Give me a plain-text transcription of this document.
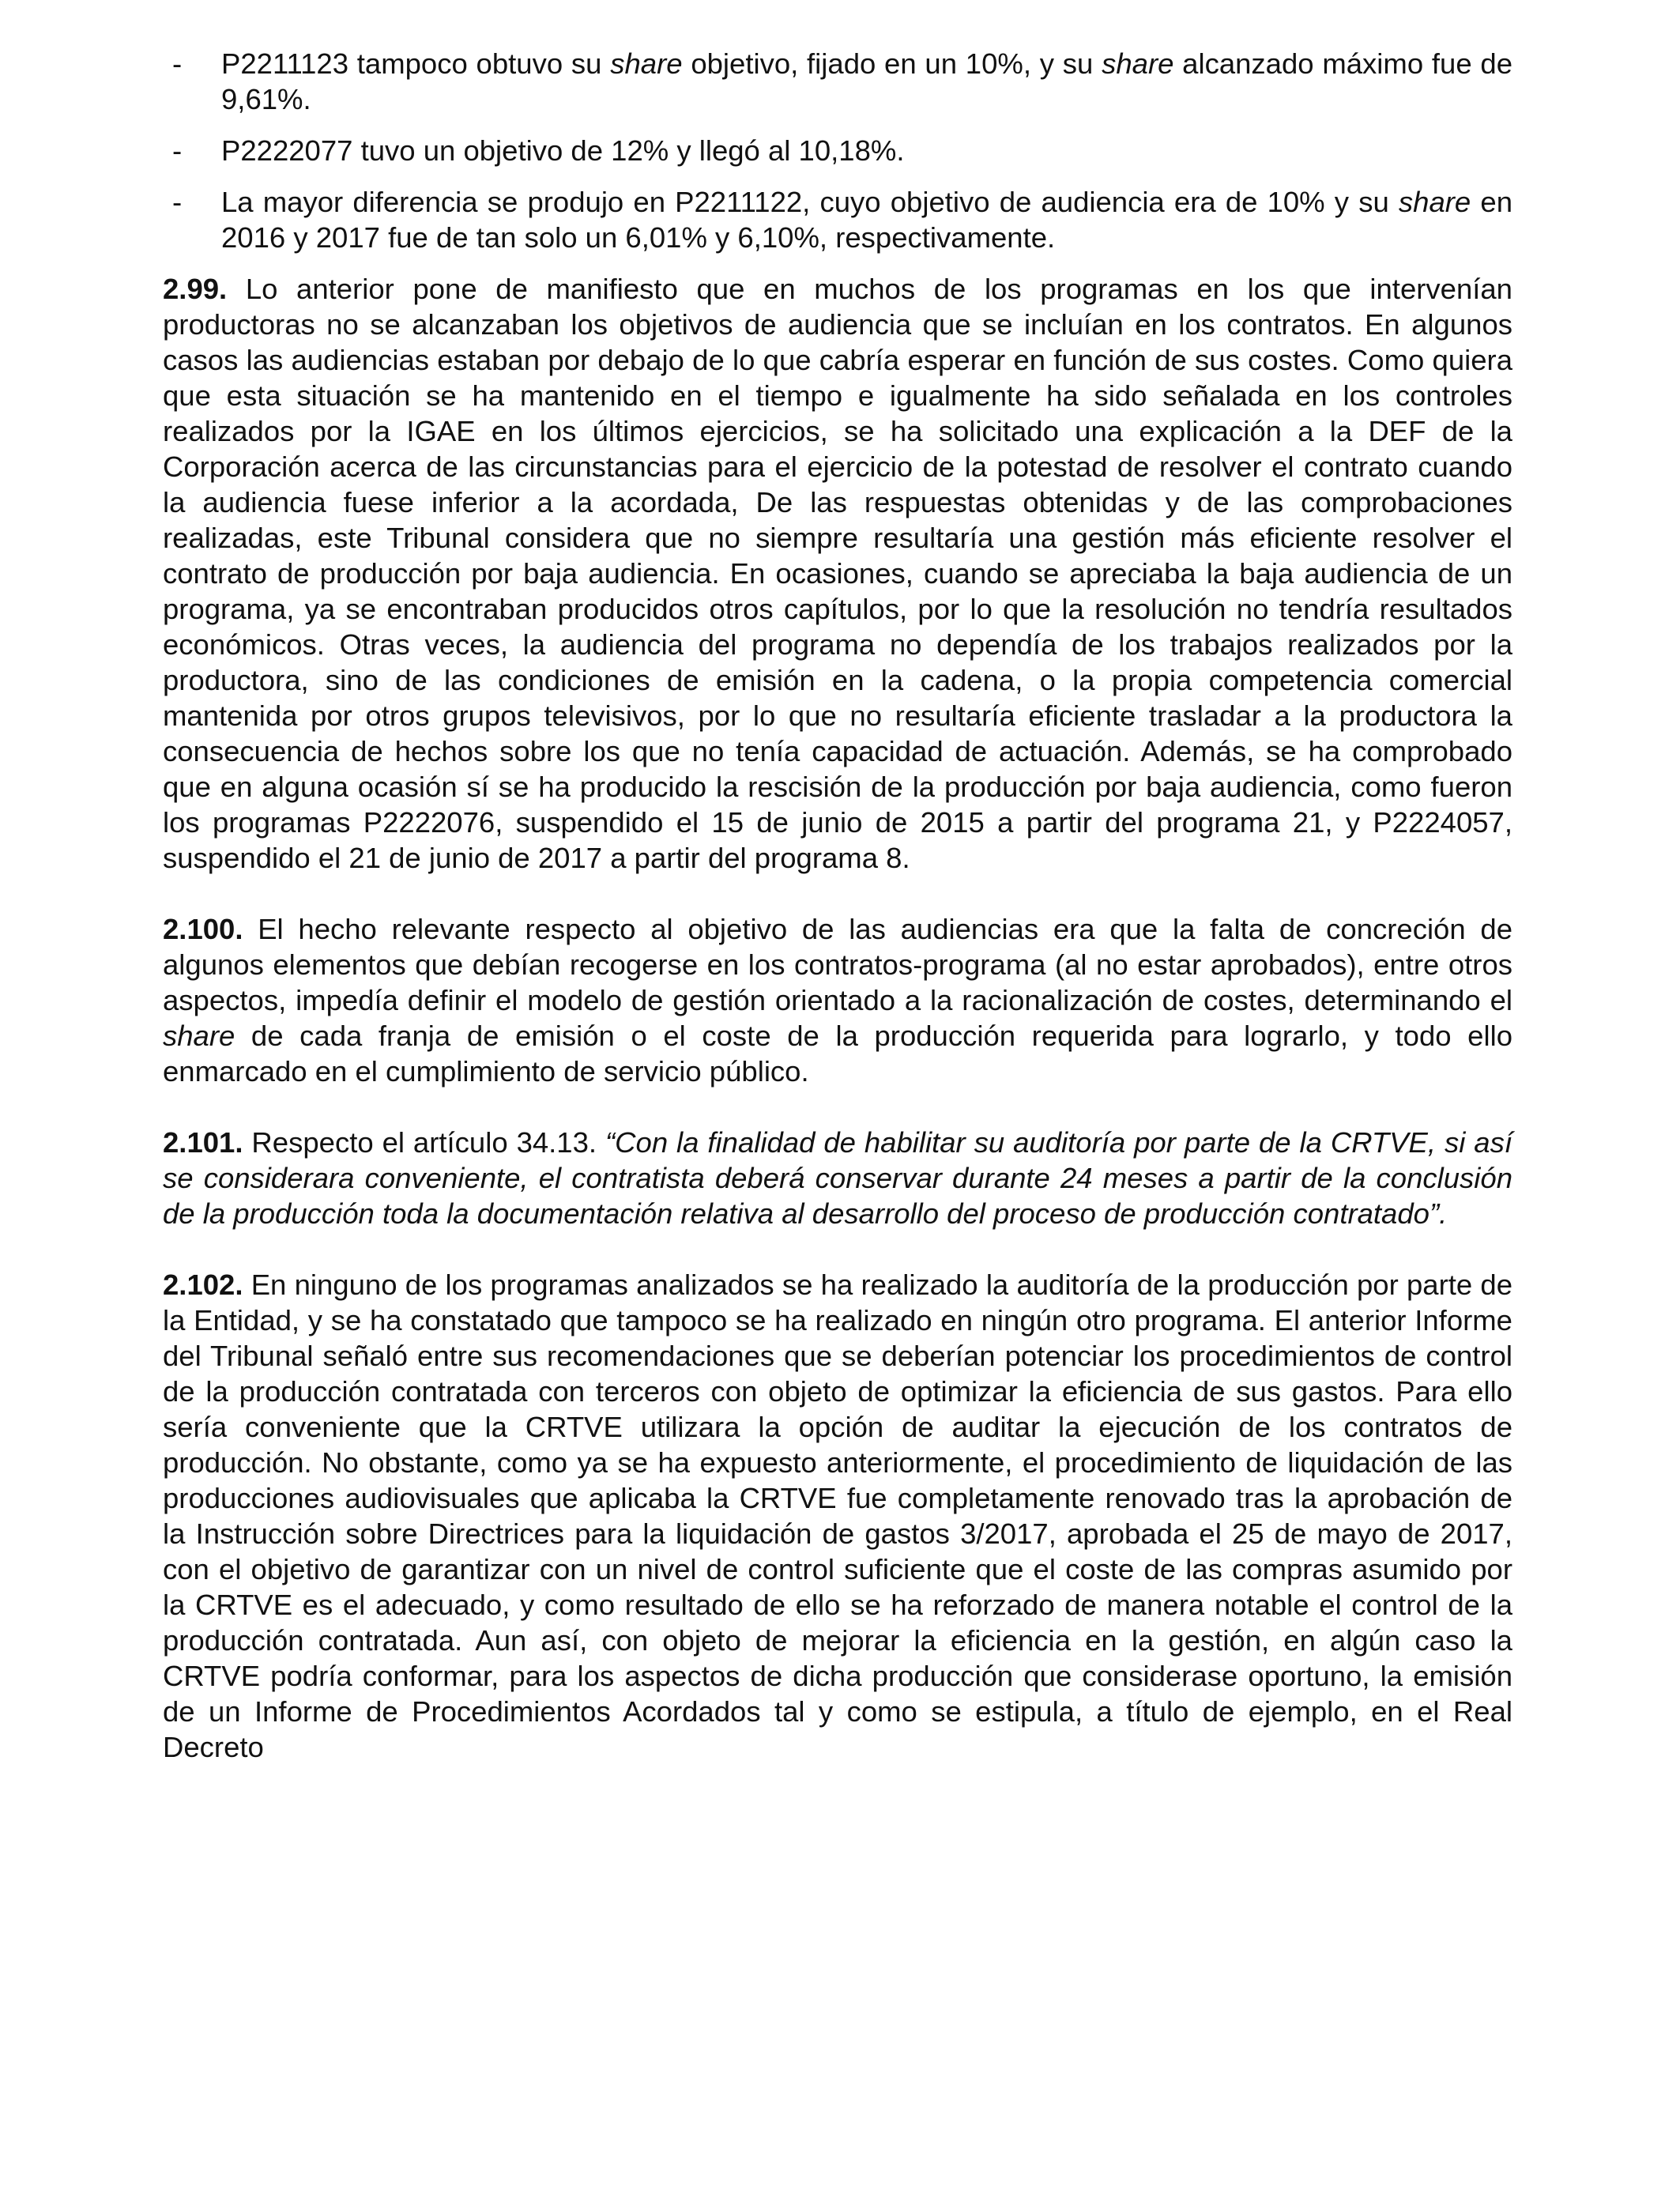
- P2211123 tampoco obtuvo su share objetivo, fijado en un 10%, y su share alcanzado máximo fue de 9,61%.
- P2222077 tuvo un objetivo de 12% y llegó al 10,18%.
- La mayor diferencia se produjo en P2211122, cuyo objetivo de audiencia era de 10% y su share en 2016 y 2017 fue de tan solo un 6,01% y 6,10%, respectivamente.

2.99. Lo anterior pone de manifiesto que en muchos de los programas en los que intervenían productoras no se alcanzaban los objetivos de audiencia que se incluían en los contratos. En algunos casos las audiencias estaban por debajo de lo que cabría esperar en función de sus costes. Como quiera que esta situación se ha mantenido en el tiempo e igualmente ha sido señalada en los controles realizados por la IGAE en los últimos ejercicios, se ha solicitado una explicación a la DEF de la Corporación acerca de las circunstancias para el ejercicio de la potestad de resolver el contrato cuando la audiencia fuese inferior a la acordada, De las respuestas obtenidas y de las comprobaciones realizadas, este Tribunal considera que no siempre resultaría una gestión más eficiente resolver el contrato de producción por baja audiencia. En ocasiones, cuando se apreciaba la baja audiencia de un programa, ya se encontraban producidos otros capítulos, por lo que la resolución no tendría resultados económicos. Otras veces, la audiencia del programa no dependía de los trabajos realizados por la productora, sino de las condiciones de emisión en la cadena, o la propia competencia comercial mantenida por otros grupos televisivos, por lo que no resultaría eficiente trasladar a la productora la consecuencia de hechos sobre los que no tenía capacidad de actuación. Además, se ha comprobado que en alguna ocasión sí se ha producido la rescisión de la producción por baja audiencia, como fueron los programas P2222076, suspendido el 15 de junio de 2015 a partir del programa 21, y P2224057, suspendido el 21 de junio de 2017 a partir del programa 8.

2.100. El hecho relevante respecto al objetivo de las audiencias era que la falta de concreción de algunos elementos que debían recogerse en los contratos-programa (al no estar aprobados), entre otros aspectos, impedía definir el modelo de gestión orientado a la racionalización de costes, determinando el share de cada franja de emisión o el coste de la producción requerida para lograrlo, y todo ello enmarcado en el cumplimiento de servicio público.

2.101. Respecto el artículo 34.13. “Con la finalidad de habilitar su auditoría por parte de la CRTVE, si así se considerara conveniente, el contratista deberá conservar durante 24 meses a partir de la conclusión de la producción toda la documentación relativa al desarrollo del proceso de producción contratado”.

2.102. En ninguno de los programas analizados se ha realizado la auditoría de la producción por parte de la Entidad, y se ha constatado que tampoco se ha realizado en ningún otro programa. El anterior Informe del Tribunal señaló entre sus recomendaciones que se deberían potenciar los procedimientos de control de la producción contratada con terceros con objeto de optimizar la eficiencia de sus gastos. Para ello sería conveniente que la CRTVE utilizara la opción de auditar la ejecución de los contratos de producción. No obstante, como ya se ha expuesto anteriormente, el procedimiento de liquidación de las producciones audiovisuales que aplicaba la CRTVE fue completamente renovado tras la aprobación de la Instrucción sobre Directrices para la liquidación de gastos 3/2017, aprobada el 25 de mayo de 2017, con el objetivo de garantizar con un nivel de control suficiente que el coste de las compras asumido por la CRTVE es el adecuado, y como resultado de ello se ha reforzado de manera notable el control de la producción contratada. Aun así, con objeto de mejorar la eficiencia en la gestión, en algún caso la CRTVE podría conformar, para los aspectos de dicha producción que considerase oportuno, la emisión de un Informe de Procedimientos Acordados tal y como se estipula, a título de ejemplo, en el Real Decreto
